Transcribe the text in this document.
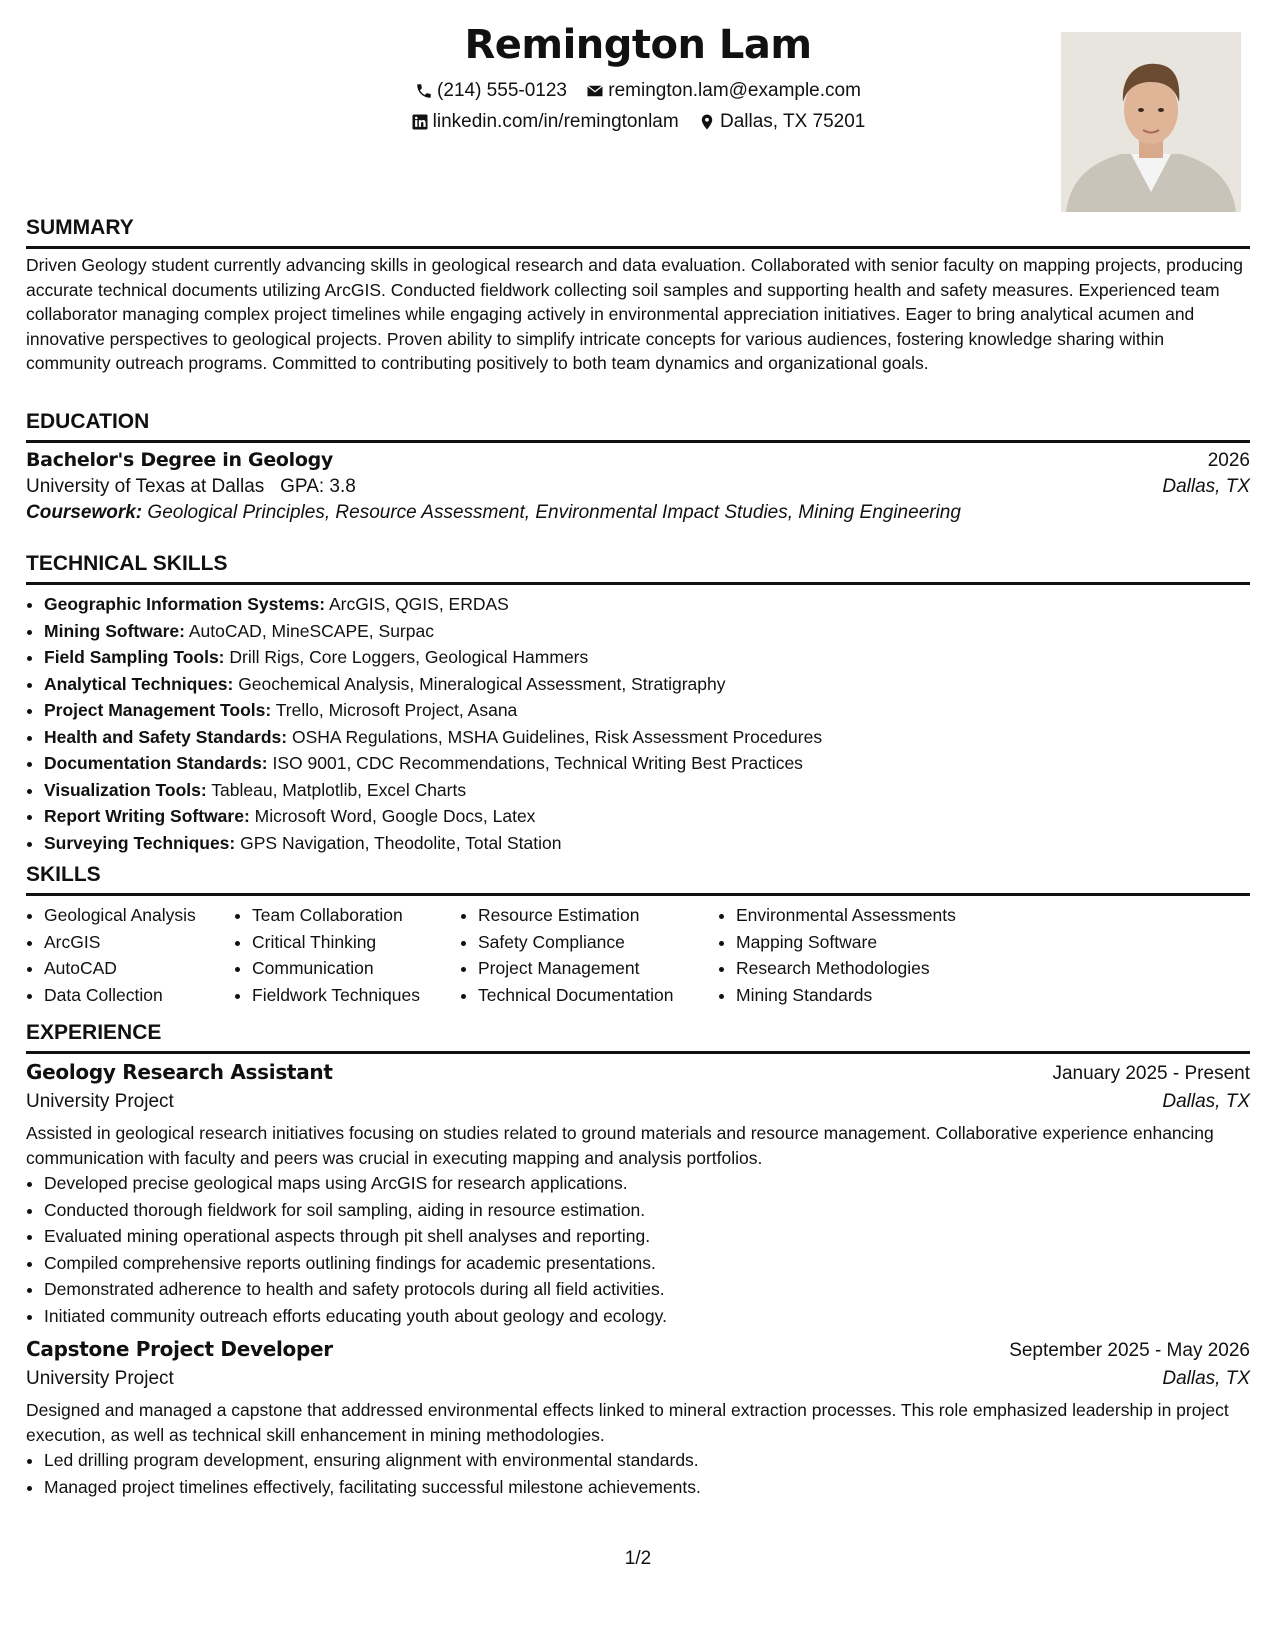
Remington Lam
(214) 555-0123
remington.lam@example.com
linkedin.com/in/remingtonlam
Dallas, TX 75201
SUMMARY

Driven Geology student currently advancing skills in geological research and data evaluation. Collaborated with senior faculty on mapping projects, producing accurate technical documents utilizing ArcGIS. Conducted fieldwork collecting soil samples and supporting health and safety measures. Experienced team collaborator managing complex project timelines while engaging actively in environmental appreciation initiatives. Eager to bring analytical acumen and innovative perspectives to geological projects. Proven ability to simplify intricate concepts for various audiences, fostering knowledge sharing within community outreach programs. Committed to contributing positively to both team dynamics and organizational goals.

EDUCATION
Bachelor's Degree in Geology	2026
University of Texas at Dallas GPA: 3.8	Dallas, TX
Coursework: Geological Principles, Resource Assessment, Environmental Impact Studies, Mining Engineering
TECHNICAL SKILLS
• Geographic Information Systems: ArcGIS, QGIS, ERDAS
• Mining Software: AutoCAD, MineSCAPE, Surpac
• Field Sampling Tools: Drill Rigs, Core Loggers, Geological Hammers
• Analytical Techniques: Geochemical Analysis, Mineralogical Assessment, Stratigraphy
• Project Management Tools: Trello, Microsoft Project, Asana
• Health and Safety Standards: OSHA Regulations, MSHA Guidelines, Risk Assessment Procedures
• Documentation Standards: ISO 9001, CDC Recommendations, Technical Writing Best Practices
• Visualization Tools: Tableau, Matplotlib, Excel Charts
• Report Writing Software: Microsoft Word, Google Docs, Latex
• Surveying Techniques: GPS Navigation, Theodolite, Total Station
SKILLS
• Geological Analysis
• ArcGIS
• AutoCAD
• Data Collection
• Team Collaboration
• Critical Thinking
• Communication
• Fieldwork Techniques
• Resource Estimation
• Safety Compliance
• Project Management
• Technical Documentation
• Environmental Assessments
• Mapping Software
• Research Methodologies
• Mining Standards
EXPERIENCE
Geology Research Assistant	January 2025 - Present
University Project	Dallas, TX

Assisted in geological research initiatives focusing on studies related to ground materials and resource management. Collaborative experience enhancing communication with faculty and peers was crucial in executing mapping and analysis portfolios.

• Developed precise geological maps using ArcGIS for research applications.
• Conducted thorough fieldwork for soil sampling, aiding in resource estimation.
• Evaluated mining operational aspects through pit shell analyses and reporting.
• Compiled comprehensive reports outlining findings for academic presentations.
• Demonstrated adherence to health and safety protocols during all field activities.
• Initiated community outreach efforts educating youth about geology and ecology.
Capstone Project Developer	September 2025 - May 2026
University Project	Dallas, TX

Designed and managed a capstone that addressed environmental effects linked to mineral extraction processes. This role emphasized leadership in project execution, as well as technical skill enhancement in mining methodologies.

• Led drilling program development, ensuring alignment with environmental standards.
• Managed project timelines effectively, facilitating successful milestone achievements.
1/2
